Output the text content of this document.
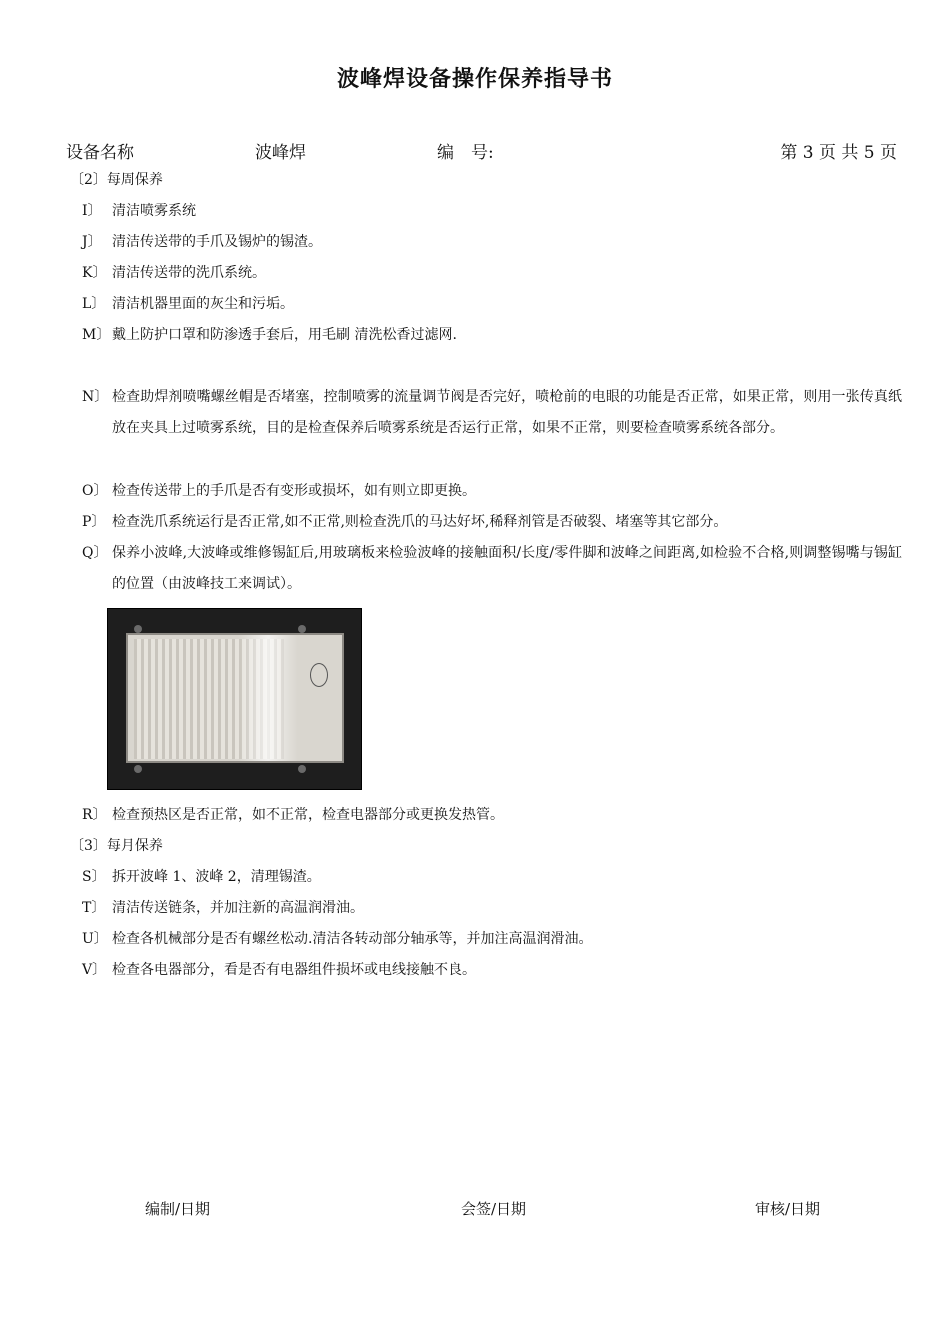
波峰焊设备操作保养指导书
设备名称	波峰焊	编　号:	第 3 页 共 5 页
〔2〕每周保养
I〕 清洁喷雾系统
J〕 清洁传送带的手爪及锡炉的锡渣。
K〕 清洁传送带的洗爪系统。
L〕 清洁机器里面的灰尘和污垢。
M〕 戴上防护口罩和防渗透手套后，用毛刷 清洗松香过滤网.
N〕 检查助焊剂喷嘴螺丝帽是否堵塞，控制喷雾的流量调节阀是否完好，喷枪前的电眼的功能是否正常，如果正常，则用一张传真纸放在夹具上过喷雾系统，目的是检查保养后喷雾系统是否运行正常，如果不正常，则要检查喷雾系统各部分。
O〕 检查传送带上的手爪是否有变形或损坏，如有则立即更换。
P〕 检查洗爪系统运行是否正常,如不正常,则检查洗爪的马达好坏,稀释剂管是否破裂、堵塞等其它部分。
Q〕 保养小波峰,大波峰或维修锡缸后,用玻璃板来检验波峰的接触面积/长度/零件脚和波峰之间距离,如检验不合格,则调整锡嘴与锡缸的位置（由波峰技工来调试）。
R〕 检查预热区是否正常，如不正常，检查电器部分或更换发热管。
〔3〕每月保养
S〕 拆开波峰 1、波峰 2，清理锡渣。
T〕 清洁传送链条，并加注新的高温润滑油。
U〕 检查各机械部分是否有螺丝松动.清洁各转动部分轴承等，并加注高温润滑油。
V〕 检查各电器部分，看是否有电器组件损坏或电线接触不良。
编制/日期	会签/日期	审核/日期
